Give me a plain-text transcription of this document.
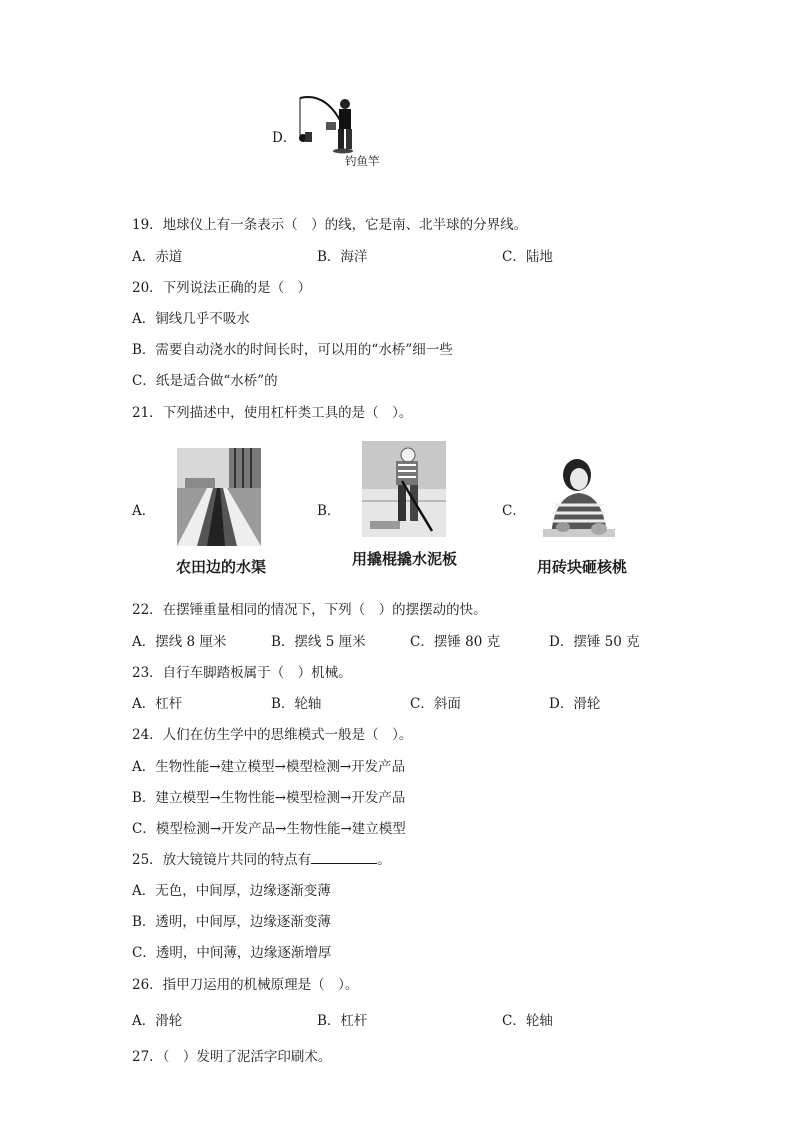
D．
钓鱼竿
19．地球仪上有一条表示（　）的线，它是南、北半球的分界线。
A．赤道	B．海洋	C．陆地
20．下列说法正确的是（　）
A．铜线几乎不吸水
B．需要自动浇水的时间长时，可以用的“水桥”细一些
C．纸是适合做“水桥”的
21．下列描述中，使用杠杆类工具的是（　）。
A．
农田边的水渠
B．
用撬棍撬水泥板
C．
用砖块砸核桃
22．在摆锤重量相同的情况下，下列（　）的摆摆动的快。
A．摆线 8 厘米	B．摆线 5 厘米	C．摆锤 80 克	D．摆锤 50 克
23．自行车脚踏板属于（　）机械。
A．杠杆	B．轮轴	C．斜面	D．滑轮
24．人们在仿生学中的思维模式一般是（　）。
A．生物性能→建立模型→模型检测→开发产品
B．建立模型→生物性能→模型检测→开发产品
C．模型检测→开发产品→生物性能→建立模型
25．放大镜镜片共同的特点有	。
A．无色，中间厚，边缘逐渐变薄
B．透明，中间厚，边缘逐渐变薄
C．透明，中间薄，边缘逐渐增厚
26．指甲刀运用的机械原理是（　）。
A．滑轮	B．杠杆	C．轮轴
27．（　）发明了泥活字印刷术。
